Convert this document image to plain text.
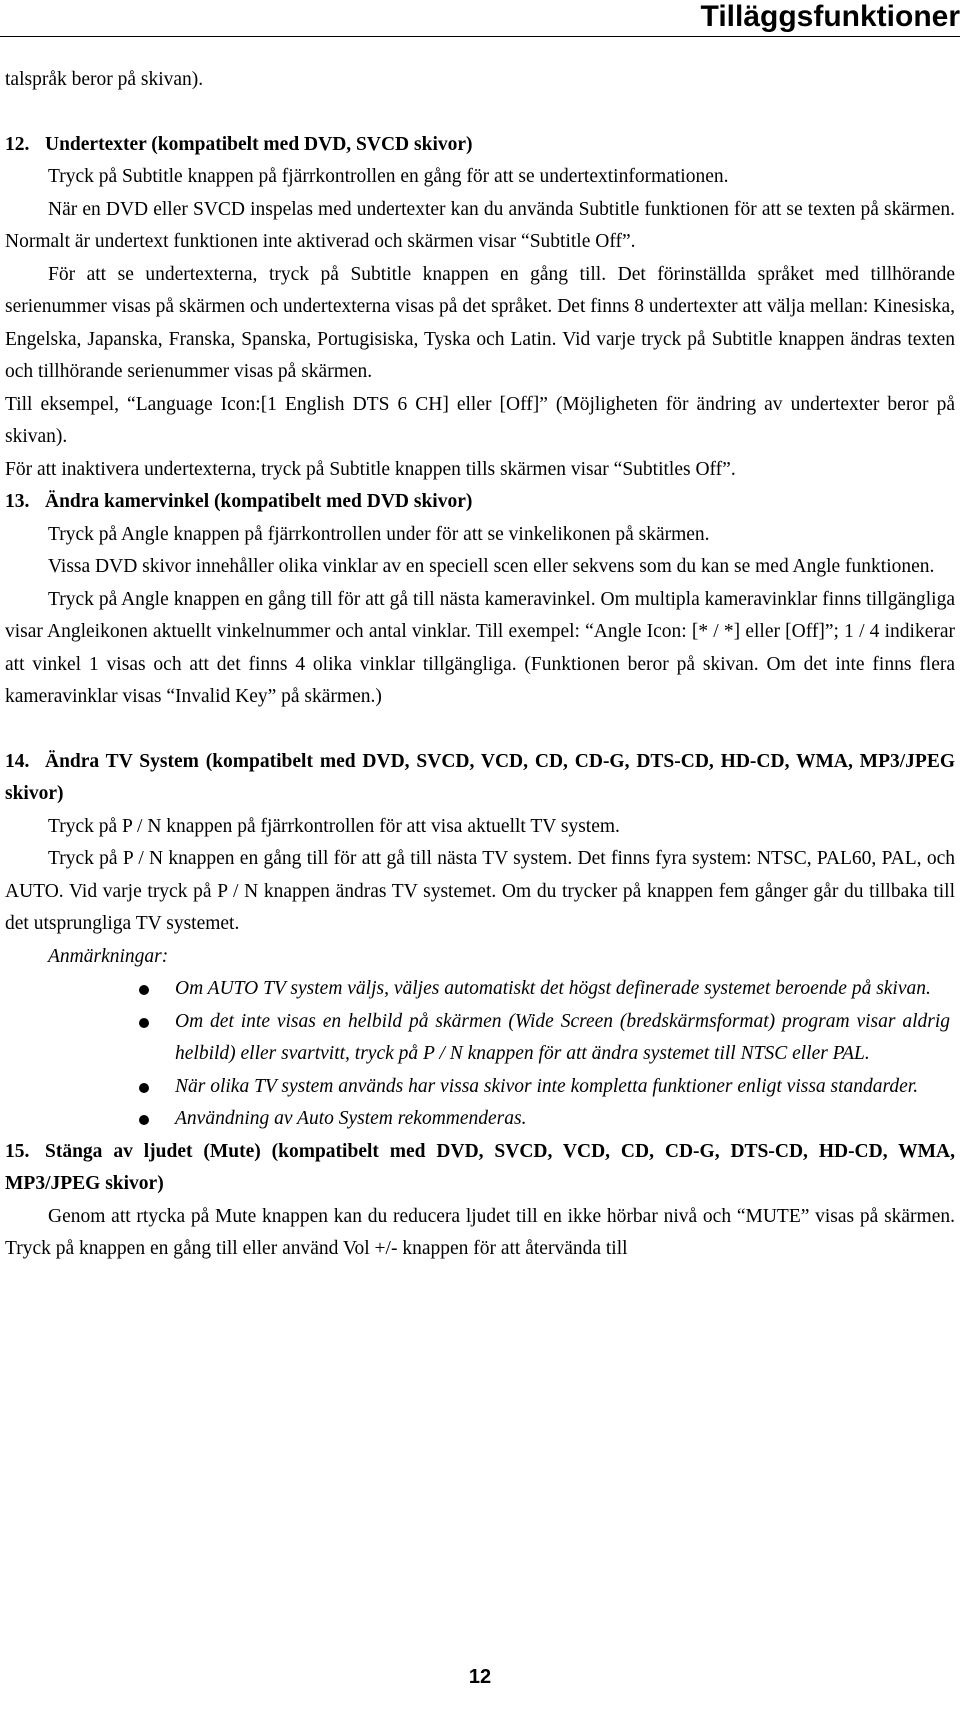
Tilläggsfunktioner

talspråk beror på skivan).

12. Undertexter (kompatibelt med DVD, SVCD skivor)

Tryck på Subtitle knappen på fjärrkontrollen en gång för att se undertextinformationen.

När en DVD eller SVCD inspelas med undertexter kan du använda Subtitle funktionen för att se texten på skärmen. Normalt är undertext funktionen inte aktiverad och skärmen visar “Subtitle Off”.

För att se undertexterna, tryck på Subtitle knappen en gång till. Det förinställda språket med tillhörande serienummer visas på skärmen och undertexterna visas på det språket. Det finns 8 undertexter att välja mellan: Kinesiska, Engelska, Japanska, Franska, Spanska, Portugisiska, Tyska och Latin. Vid varje tryck på Subtitle knappen ändras texten och tillhörande serienummer visas på skärmen.

Till eksempel, “Language Icon:[1 English DTS 6 CH] eller [Off]” (Möjligheten för ändring av undertexter beror på skivan).

För att inaktivera undertexterna, tryck på Subtitle knappen tills skärmen visar “Subtitles Off”.

13. Ändra kamervinkel (kompatibelt med DVD skivor)

Tryck på Angle knappen på fjärrkontrollen under för att se vinkelikonen på skärmen.

Vissa DVD skivor innehåller olika vinklar av en speciell scen eller sekvens som du kan se med Angle funktionen.

Tryck på Angle knappen en gång till för att gå till nästa kameravinkel. Om multipla kameravinklar finns tillgängliga visar Angleikonen aktuellt vinkelnummer och antal vinklar. Till exempel: “Angle Icon: [* / *] eller [Off]”; 1 / 4 indikerar att vinkel 1 visas och att det finns 4 olika vinklar tillgängliga. (Funktionen beror på skivan. Om det inte finns flera kameravinklar visas “Invalid Key” på skärmen.)

14. Ändra TV System (kompatibelt med DVD, SVCD, VCD, CD, CD-G, DTS-CD, HD-CD, WMA, MP3/JPEG skivor)

Tryck på P / N knappen på fjärrkontrollen för att visa aktuellt TV system.

Tryck på P / N knappen en gång till för att gå till nästa TV system. Det finns fyra system: NTSC, PAL60, PAL, och AUTO. Vid varje tryck på P / N knappen ändras TV systemet. Om du trycker på knappen fem gånger går du tillbaka till det utsprungliga TV systemet.

Anmärkningar:

Om AUTO TV system väljs, väljes automatiskt det högst definerade systemet beroende på skivan.
Om det inte visas en helbild på skärmen (Wide Screen (bredskärmsformat) program visar aldrig helbild) eller svartvitt, tryck på P / N knappen för att ändra systemet till NTSC eller PAL.
När olika TV system används har vissa skivor inte kompletta funktioner enligt vissa standarder.
Användning av Auto System rekommenderas.

15. Stänga av ljudet (Mute) (kompatibelt med DVD, SVCD, VCD, CD, CD-G, DTS-CD, HD-CD, WMA, MP3/JPEG skivor)

Genom att rtycka på Mute knappen kan du reducera ljudet till en ikke hörbar nivå och “MUTE” visas på skärmen. Tryck på knappen en gång till eller använd Vol +/- knappen för att återvända till

12
